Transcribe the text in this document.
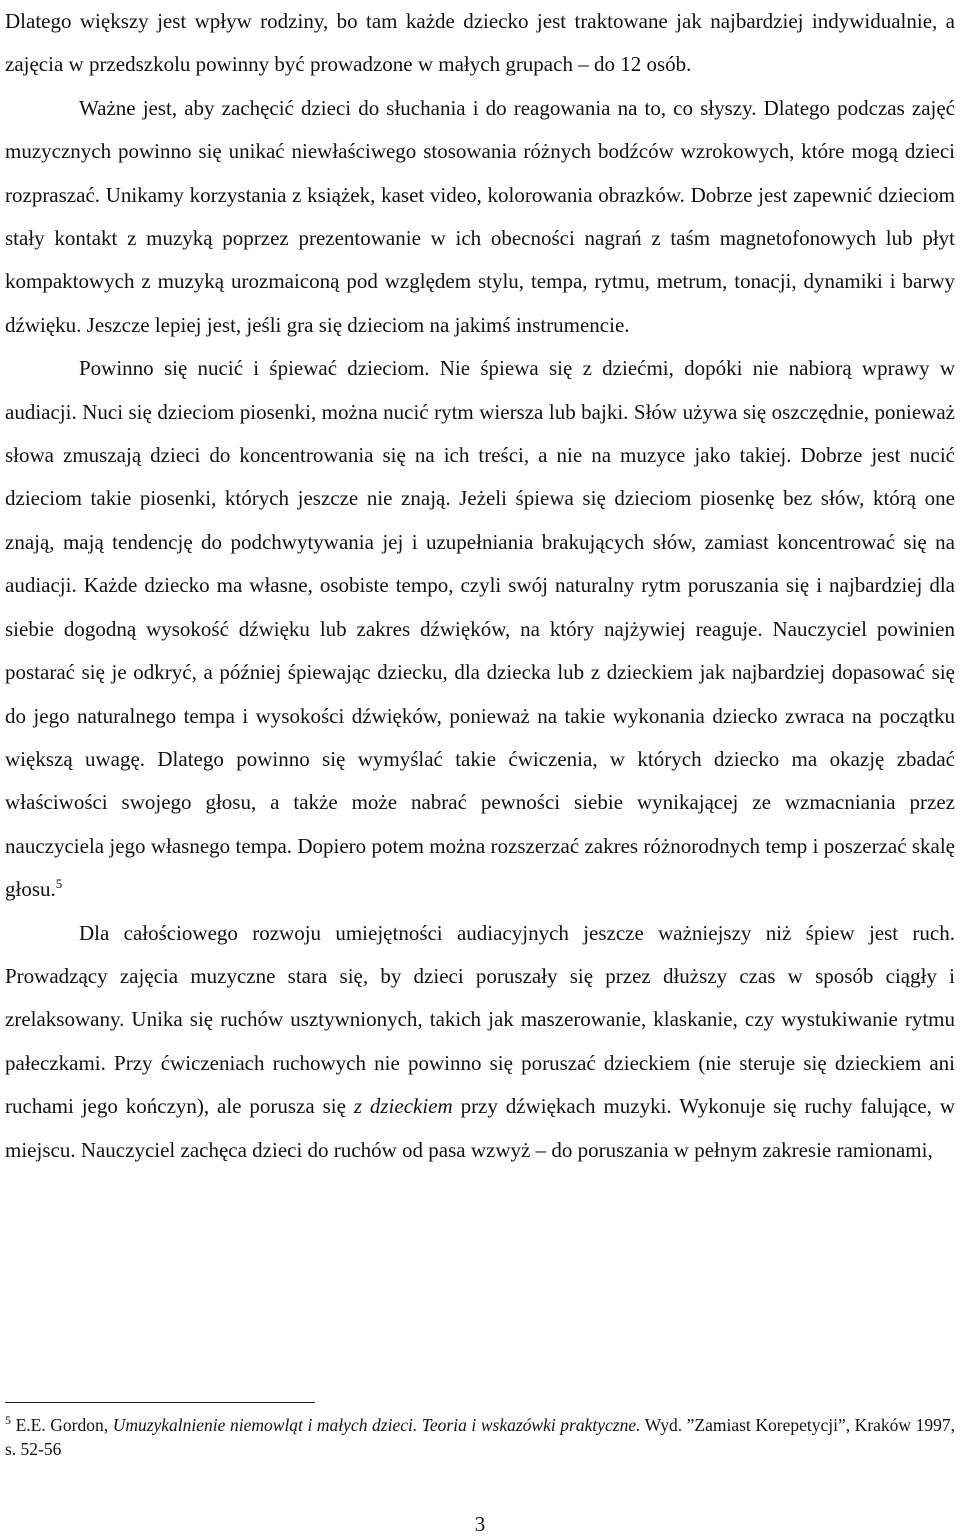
Dlatego większy jest wpływ rodziny, bo tam każde dziecko jest traktowane jak najbardziej indywidualnie, a zajęcia w przedszkolu powinny być prowadzone w małych grupach – do 12 osób.

Ważne jest, aby zachęcić dzieci do słuchania i do reagowania na to, co słyszy. Dlatego podczas zajęć muzycznych powinno się unikać niewłaściwego stosowania różnych bodźców wzrokowych, które mogą dzieci rozpraszać. Unikamy korzystania z książek, kaset video, kolorowania obrazków. Dobrze jest zapewnić dzieciom stały kontakt z muzyką poprzez prezentowanie w ich obecności nagrań z taśm magnetofonowych lub płyt kompaktowych z muzyką urozmaiconą pod względem stylu, tempa, rytmu, metrum, tonacji, dynamiki i barwy dźwięku. Jeszcze lepiej jest, jeśli gra się dzieciom na jakimś instrumencie.

Powinno się nucić i śpiewać dzieciom. Nie śpiewa się z dziećmi, dopóki nie nabiorą wprawy w audiacji. Nuci się dzieciom piosenki, można nucić rytm wiersza lub bajki. Słów używa się oszczędnie, ponieważ słowa zmuszają dzieci do koncentrowania się na ich treści, a nie na muzyce jako takiej. Dobrze jest nucić dzieciom takie piosenki, których jeszcze nie znają. Jeżeli śpiewa się dzieciom piosenkę bez słów, którą one znają, mają tendencję do podchwytywania jej i uzupełniania brakujących słów, zamiast koncentrować się na audiacji. Każde dziecko ma własne, osobiste tempo, czyli swój naturalny rytm poruszania się i najbardziej dla siebie dogodną wysokość dźwięku lub zakres dźwięków, na który najżywiej reaguje. Nauczyciel powinien postarać się je odkryć, a później śpiewając dziecku, dla dziecka lub z dzieckiem jak najbardziej dopasować się do jego naturalnego tempa i wysokości dźwięków, ponieważ na takie wykonania dziecko zwraca na początku większą uwagę. Dlatego powinno się wymyślać takie ćwiczenia, w których dziecko ma okazję zbadać właściwości swojego głosu, a także może nabrać pewności siebie wynikającej ze wzmacniania przez nauczyciela jego własnego tempa. Dopiero potem można rozszerzać zakres różnorodnych temp i poszerzać skalę głosu.$^5$

Dla całościowego rozwoju umiejętności audiacyjnych jeszcze ważniejszy niż śpiew jest ruch. Prowadzący zajęcia muzyczne stara się, by dzieci poruszały się przez dłuższy czas w sposób ciągły i zrelaksowany. Unika się ruchów usztywnionych, takich jak maszerowanie, klaskanie, czy wystukiwanie rytmu pałeczkami. Przy ćwiczeniach ruchowych nie powinno się poruszać dzieckiem (nie steruje się dzieckiem ani ruchami jego kończyn), ale porusza się z dzieckiem przy dźwiękach muzyki. Wykonuje się ruchy falujące, w miejscu. Nauczyciel zachęca dzieci do ruchów od pasa wzwyż – do poruszania w pełnym zakresie ramionami,

$^5$ E.E. Gordon, Umuzykalnienie niemowląt i małych dzieci. Teoria i wskazówki praktyczne. Wyd. ˮZamiast Korepetycjiˮ, Kraków 1997, s. 52-56
3
